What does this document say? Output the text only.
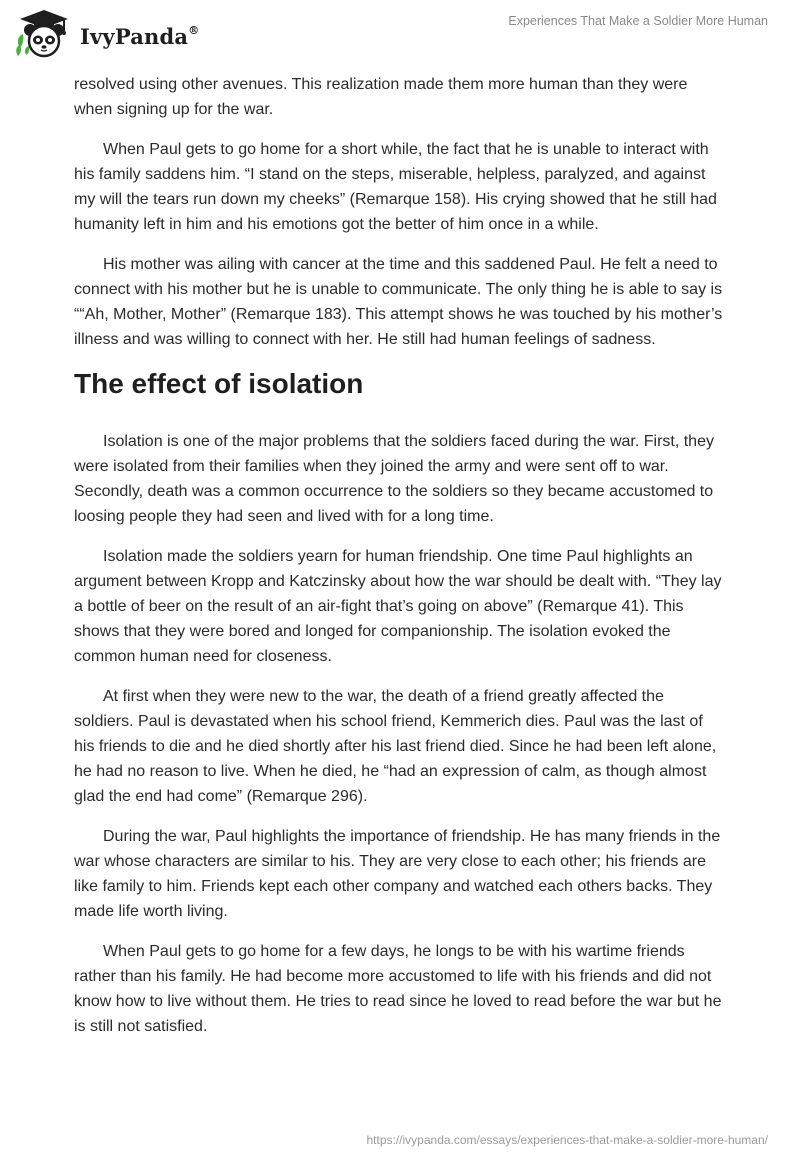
IvyPanda®
Experiences That Make a Soldier More Human

resolved using other avenues. This realization made them more human than they were when signing up for the war.

When Paul gets to go home for a short while, the fact that he is unable to interact with his family saddens him. “I stand on the steps, miserable, helpless, paralyzed, and against my will the tears run down my cheeks” (Remarque 158). His crying showed that he still had humanity left in him and his emotions got the better of him once in a while.

His mother was ailing with cancer at the time and this saddened Paul. He felt a need to connect with his mother but he is unable to communicate. The only thing he is able to say is ““Ah, Mother, Mother” (Remarque 183). This attempt shows he was touched by his mother’s illness and was willing to connect with her. He still had human feelings of sadness.

The effect of isolation

Isolation is one of the major problems that the soldiers faced during the war. First, they were isolated from their families when they joined the army and were sent off to war. Secondly, death was a common occurrence to the soldiers so they became accustomed to loosing people they had seen and lived with for a long time.

Isolation made the soldiers yearn for human friendship. One time Paul highlights an argument between Kropp and Katczinsky about how the war should be dealt with. “They lay a bottle of beer on the result of an air-fight that’s going on above” (Remarque 41). This shows that they were bored and longed for companionship. The isolation evoked the common human need for closeness.

At first when they were new to the war, the death of a friend greatly affected the soldiers. Paul is devastated when his school friend, Kemmerich dies. Paul was the last of his friends to die and he died shortly after his last friend died. Since he had been left alone, he had no reason to live. When he died, he “had an expression of calm, as though almost glad the end had come” (Remarque 296).

During the war, Paul highlights the importance of friendship. He has many friends in the war whose characters are similar to his. They are very close to each other; his friends are like family to him. Friends kept each other company and watched each others backs. They made life worth living.

When Paul gets to go home for a few days, he longs to be with his wartime friends rather than his family. He had become more accustomed to life with his friends and did not know how to live without them. He tries to read since he loved to read before the war but he is still not satisfied.

https://ivypanda.com/essays/experiences-that-make-a-soldier-more-human/
